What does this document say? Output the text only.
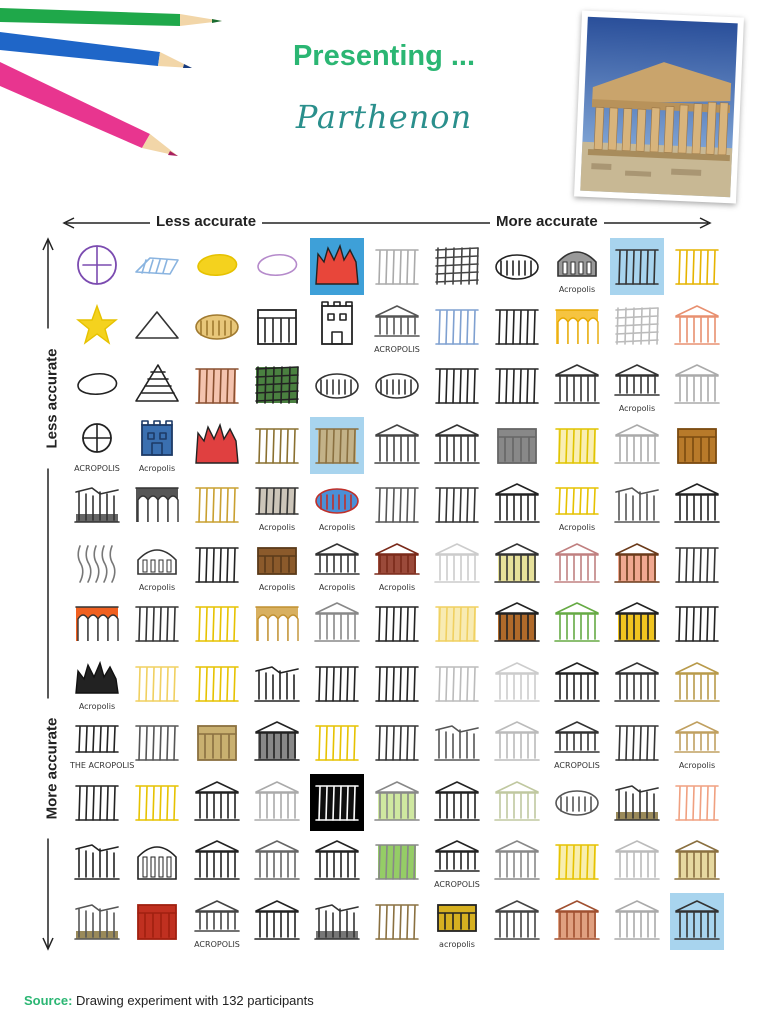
Presenting ...
Parthenon
Less accurate	More accurate
Less accurate
More accurate
Acropolis
ACROPOLIS
Acropolis
ACROPOLIS	Acropolis
Acropolis	Acropolis	Acropolis
Acropolis	Acropolis	Acropolis	Acropolis
Acropolis
THE ACROPOLIS	ACROPOLIS	Acropolis
ACROPOLIS
ACROPOLIS	acropolis
Source: Drawing experiment with 132 participants
